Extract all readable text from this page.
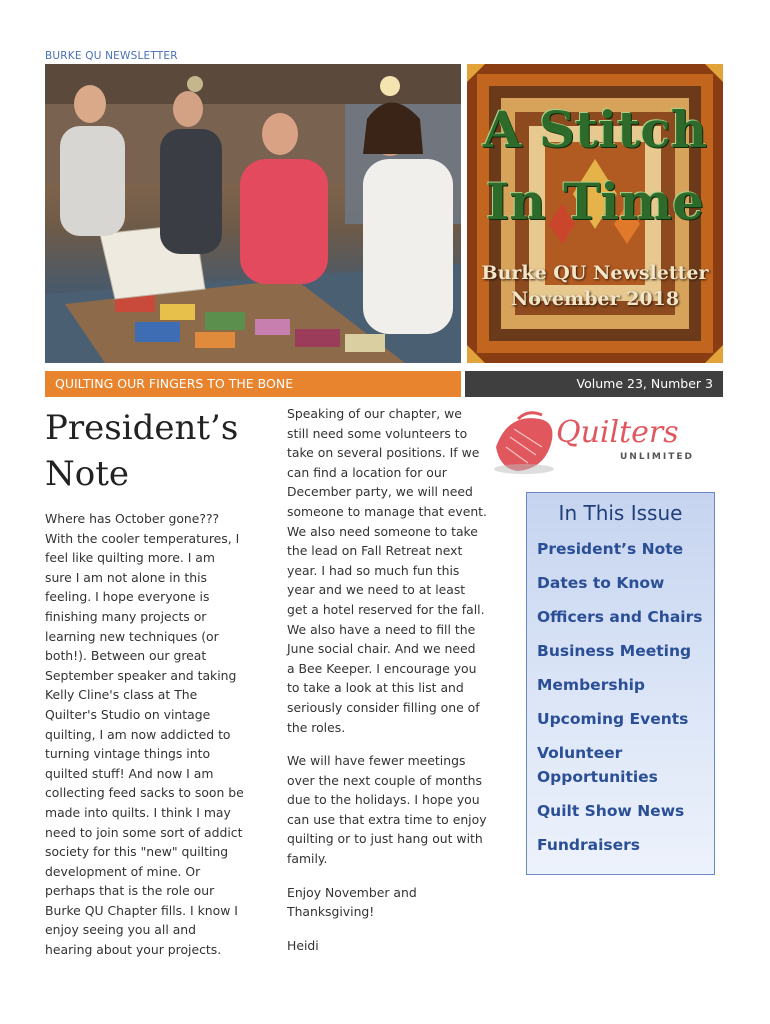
BURKE QU NEWSLETTER
A Stitch
In Time
Burke QU Newsletter
November 2018
QUILTING OUR FINGERS TO THE BONE	Volume 23, Number 3
President’s
Note

Where has October gone??? With the cooler temperatures, I feel like quilting more. I am sure I am not alone in this feeling. I hope everyone is finishing many projects or learning new techniques (or both!). Between our great September speaker and taking Kelly Cline's class at The Quilter's Studio on vintage quilting, I am now addicted to turning vintage things into quilted stuff! And now I am collecting feed sacks to soon be made into quilts. I think I may need to join some sort of addict society for this "new" quilting development of mine. Or perhaps that is the role our Burke QU Chapter fills. I know I enjoy seeing you all and hearing about your projects.

Speaking of our chapter, we still need some volunteers to take on several positions. If we can find a location for our December party, we will need someone to manage that event. We also need someone to take the lead on Fall Retreat next year. I had so much fun this year and we need to at least get a hotel reserved for the fall. We also have a need to fill the June social chair. And we need a Bee Keeper. I encourage you to take a look at this list and seriously consider filling one of the roles.

We will have fewer meetings over the next couple of months due to the holidays. I hope you can use that extra time to enjoy quilting or to just hang out with family.

Enjoy November and Thanksgiving!

Heidi

Quilters
UNLIMITED
In This Issue
President’s Note
Dates to Know
Officers and Chairs
Business Meeting
Membership
Upcoming Events
Volunteer Opportunities
Quilt Show News
Fundraisers
